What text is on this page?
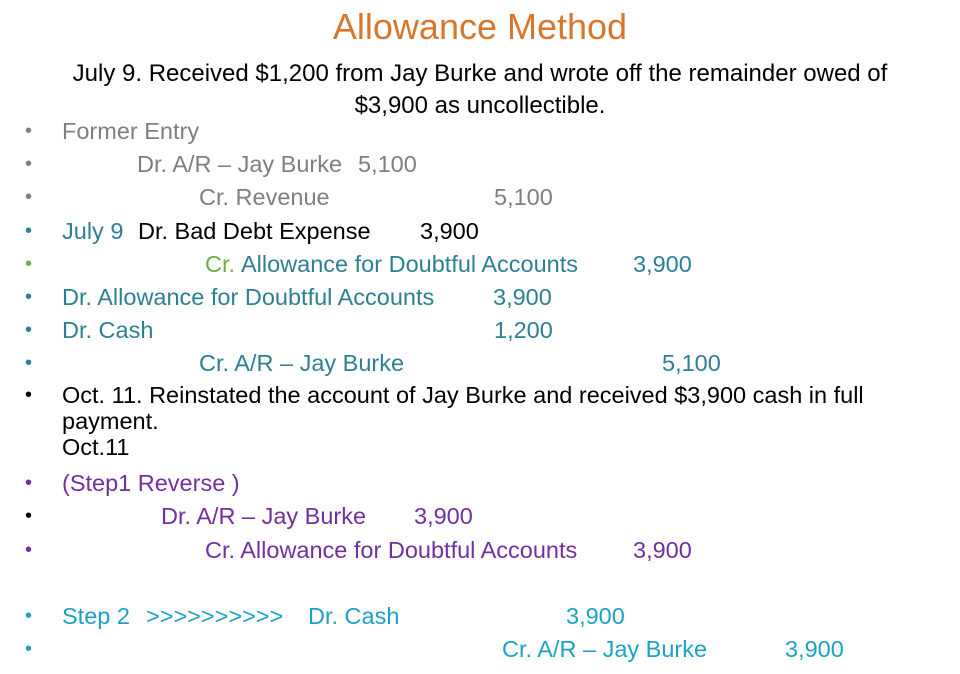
Allowance Method
July 9. Received $1,200 from Jay Burke and wrote off the remainder owed of
$3,900 as uncollectible.
• Former Entry
•	Dr. A/R – Jay Burke 5,100
•	Cr. Revenue	5,100
• July 9 Dr. Bad Debt Expense 3,900
•	Cr. Allowance for Doubtful Accounts 3,900
• Dr. Allowance for Doubtful Accounts 3,900
• Dr. Cash	1,200
•	Cr. A/R – Jay Burke	5,100
• Oct. 11. Reinstated the account of Jay Burke and received $3,900 cash in full
payment.
Oct.11
• (Step1 Reverse )
•	Dr. A/R – Jay Burke 3,900
•	Cr. Allowance for Doubtful Accounts 3,900
• Step 2 >>>>>>>>>> Dr. Cash	3,900
•	Cr. A/R – Jay Burke	3,900
